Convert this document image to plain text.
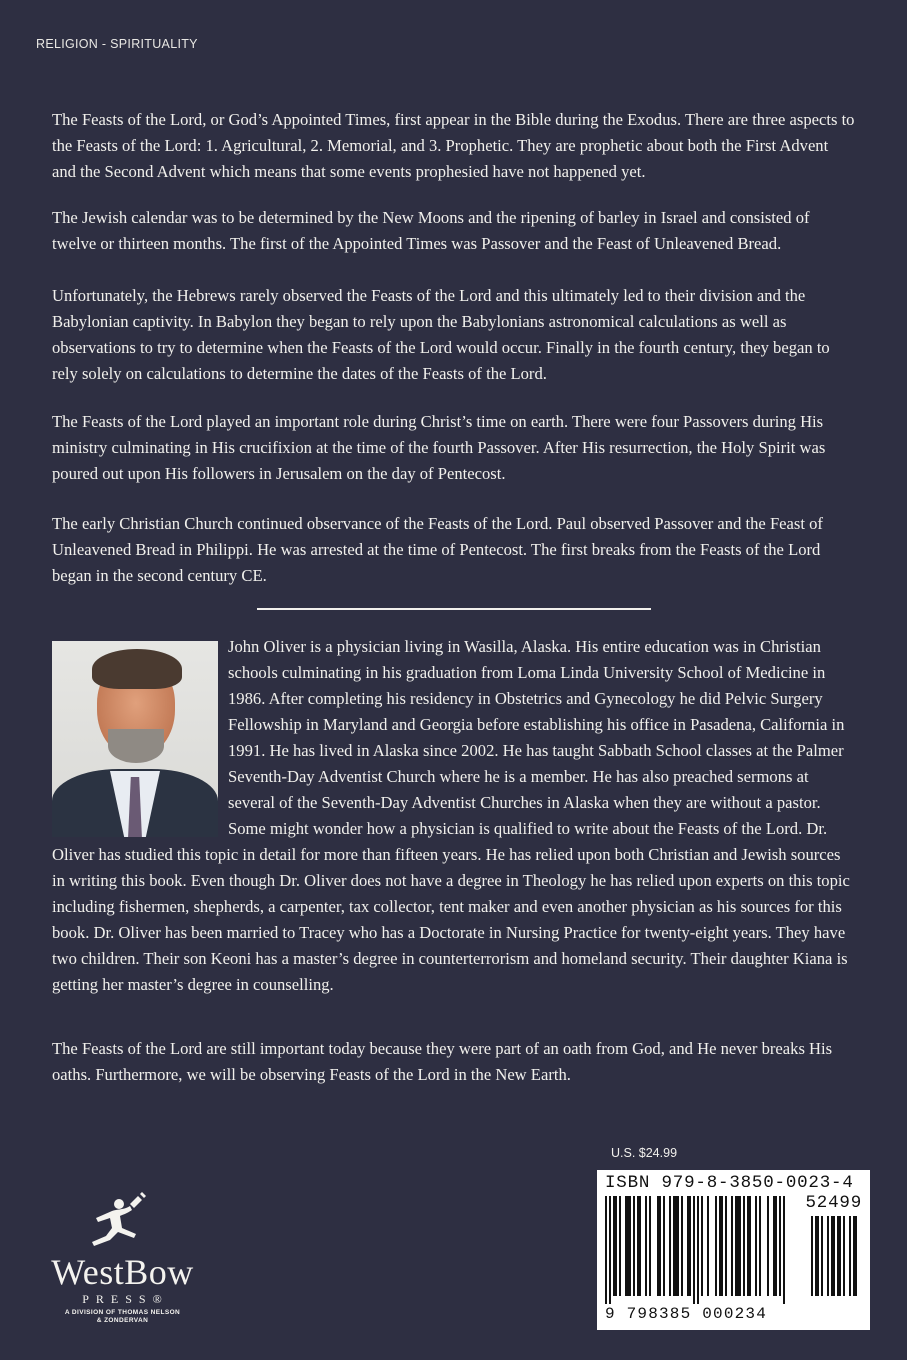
RELIGION - SPIRITUALITY

The Feasts of the Lord, or God’s Appointed Times, first appear in the Bible during the Exodus. There are three aspects to the Feasts of the Lord: 1. Agricultural, 2. Memorial, and 3. Prophetic. They are prophetic about both the First Advent and the Second Advent which means that some events prophesied have not happened yet.

The Jewish calendar was to be determined by the New Moons and the ripening of barley in Israel and consisted of twelve or thirteen months. The first of the Appointed Times was Passover and the Feast of Unleavened Bread.

Unfortunately, the Hebrews rarely observed the Feasts of the Lord and this ultimately led to their division and the Babylonian captivity. In Babylon they began to rely upon the Babylonians astronomical calculations as well as observations to try to determine when the Feasts of the Lord would occur. Finally in the fourth century, they began to rely solely on calculations to determine the dates of the Feasts of the Lord.

The Feasts of the Lord played an important role during Christ’s time on earth. There were four Passovers during His ministry culminating in His crucifixion at the time of the fourth Passover. After His resurrection, the Holy Spirit was poured out upon His followers in Jerusalem on the day of Pentecost.

The early Christian Church continued observance of the Feasts of the Lord. Paul observed Passover and the Feast of Unleavened Bread in Philippi. He was arrested at the time of Pentecost. The first breaks from the Feasts of the Lord began in the second century CE.

John Oliver is a physician living in Wasilla, Alaska. His entire education was in Christian schools culminating in his graduation from Loma Linda University School of Medicine in 1986. After completing his residency in Obstetrics and Gynecology he did Pelvic Surgery Fellowship in Maryland and Georgia before establishing his office in Pasadena, California in 1991. He has lived in Alaska since 2002. He has taught Sabbath School classes at the Palmer Seventh-Day Adventist Church where he is a member. He has also preached sermons at several of the Seventh-Day Adventist Churches in Alaska when they are without a pastor. Some might wonder how a physician is qualified to write about the Feasts of the Lord. Dr. Oliver has studied this topic in detail for more than fifteen years. He has relied upon both Christian and Jewish sources in writing this book. Even though Dr. Oliver does not have a degree in Theology he has relied upon experts on this topic including fishermen, shepherds, a carpenter, tax collector, tent maker and even another physician as his sources for this book. Dr. Oliver has been married to Tracey who has a Doctorate in Nursing Practice for twenty-eight years. They have two children. Their son Keoni has a master’s degree in counterterrorism and homeland security. Their daughter Kiana is getting her master’s degree in counselling.

The Feasts of the Lord are still important today because they were part of an oath from God, and He never breaks His oaths. Furthermore, we will be observing Feasts of the Lord in the New Earth.

WestBow
PRESS®
A DIVISION OF THOMAS NELSON
& ZONDERVAN
U.S. $24.99
ISBN 979-8-3850-0023-4
52499
9 798385 000234
